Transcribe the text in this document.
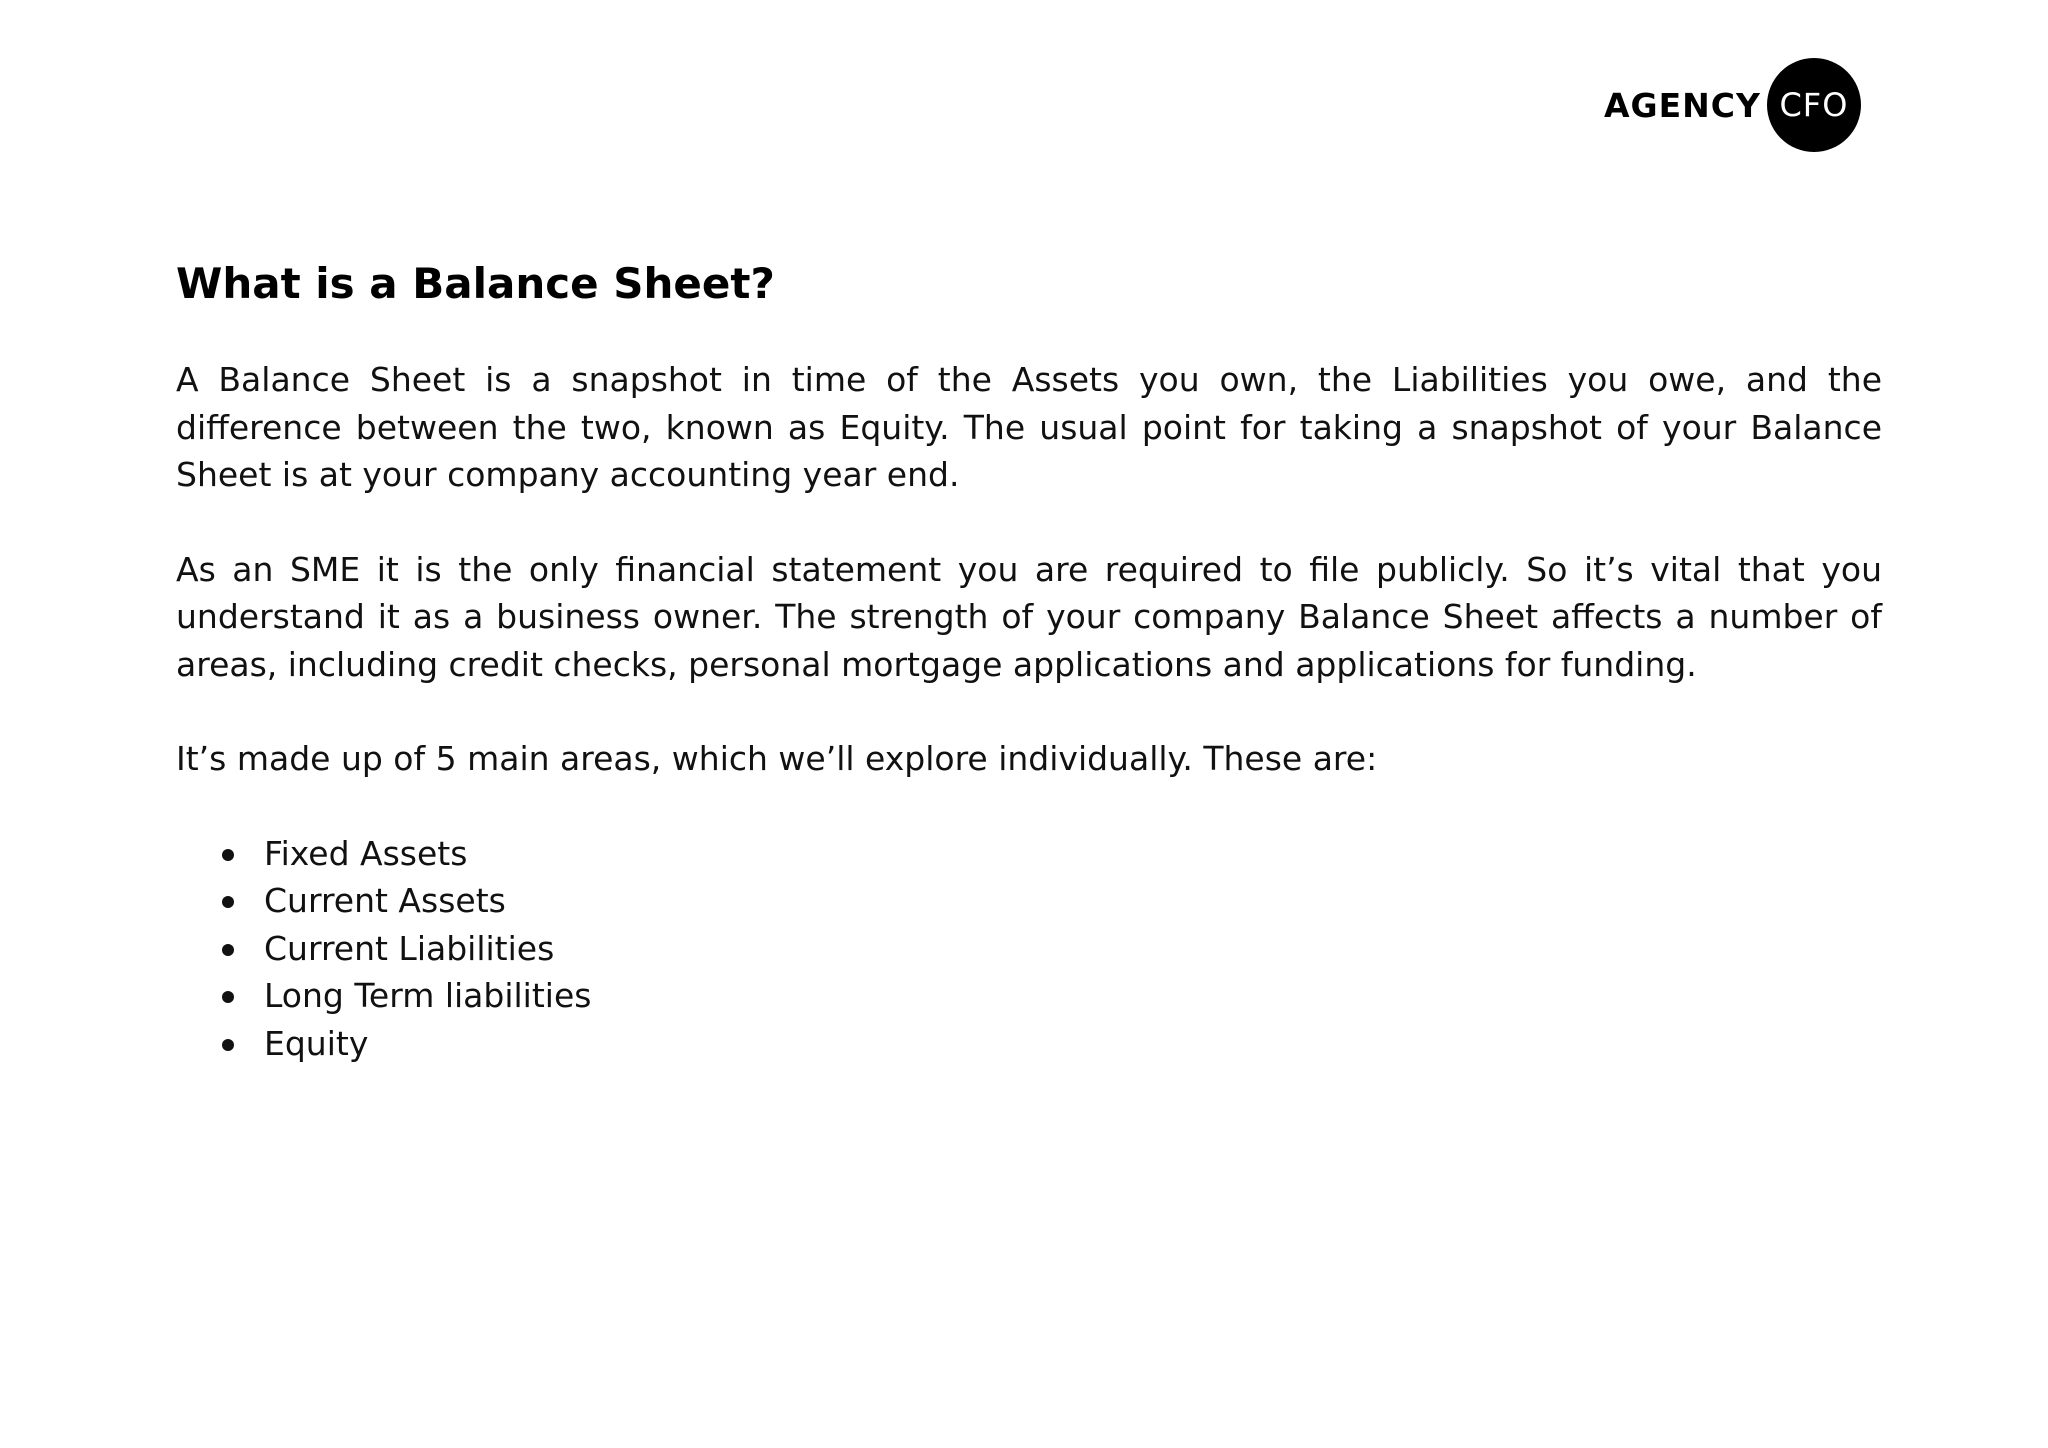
AGENCY CFO
What is a Balance Sheet?

A Balance Sheet is a snapshot in time of the Assets you own, the Liabilities you owe, and the difference between the two, known as Equity. The usual point for taking a snapshot of your Balance Sheet is at your company accounting year end.

As an SME it is the only financial statement you are required to file publicly. So it’s vital that you understand it as a business owner. The strength of your company Balance Sheet affects a number of areas, including credit checks, personal mortgage applications and applications for funding.

It’s made up of 5 main areas, which we’ll explore individually. These are:

Fixed Assets
Current Assets
Current Liabilities
Long Term liabilities
Equity
